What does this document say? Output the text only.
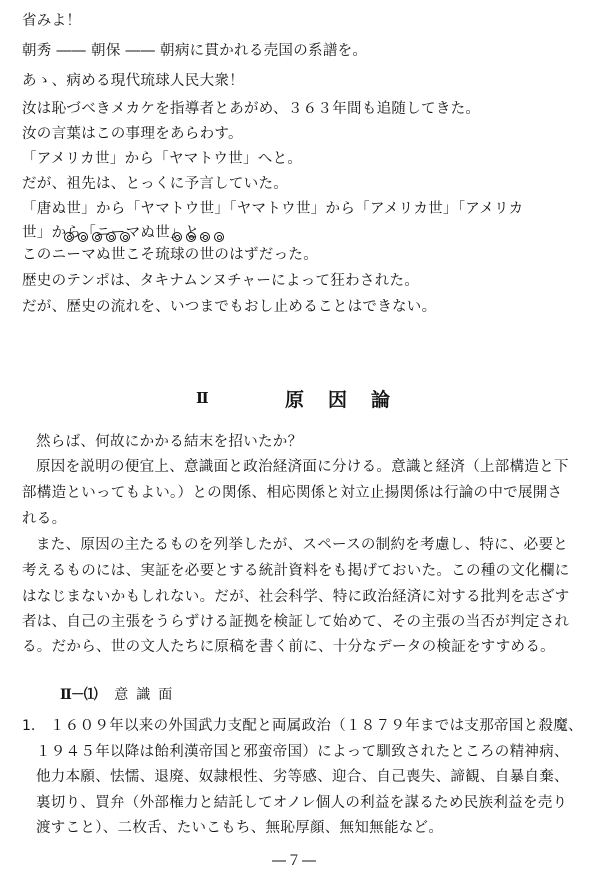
省みよ！
朝秀 ―― 朝保 ―― 朝病に貫かれる売国の系譜を。
あゝ、病める現代琉球人民大衆！
汝は恥づべきメカケを指導者とあがめ、３６３年間も追随してきた。
汝の言葉はこの事理をあらわす。
「アメリカ世」から「ヤマトウ世」へと。
だが、祖先は、とっくに予言していた。
「唐ぬ世」から「ヤマトウ世」「ヤマトウ世」から「アメリカ世」「アメリカ
世」から「ニーマぬ世」と。
このニーマぬ世こそ琉球の世のはずだった。
歴史のテンポは、タキナムンヌチャーによって狂わされた。
だが、歴史の流れを、いつまでもおし止めることはできない。
Ⅱ	原因論
然らば、何故にかかる結末を招いたか？
原因を説明の便宜上、意識面と政治経済面に分ける。意識と経済（上部構造と下
部構造といってもよい。）との関係、相応関係と対立止揚関係は行論の中で展開さ
れる。
また、原因の主たるものを列挙したが、スペースの制約を考慮し、特に、必要と
考えるものには、実証を必要とする統計資料をも掲げておいた。この種の文化欄に
はなじまないかもしれない。だが、社会科学、特に政治経済に対する批判を志ざす
者は、自己の主張をうらずける証拠を検証して始めて、その主張の当否が判定され
る。だから、世の文人たちに原稿を書く前に、十分なデータの検証をすすめる。
Ⅱ－⑴ 意識面
1. １６０９年以来の外国武力支配と両属政治（１８７９年までは支那帝国と殺魔、
１９４５年以降は飴利漢帝国と邪蛮帝国）によって馴致されたところの精神病、
他力本願、怯懦、退廃、奴隷根性、劣等感、迎合、自己喪失、諦観、自暴自棄、
裏切り、買弁（外部権力と結託してオノレ個人の利益を謀るため民族利益を売り
渡すこと）、二枚舌、たいこもち、無恥厚顔、無知無能など。
―７―
